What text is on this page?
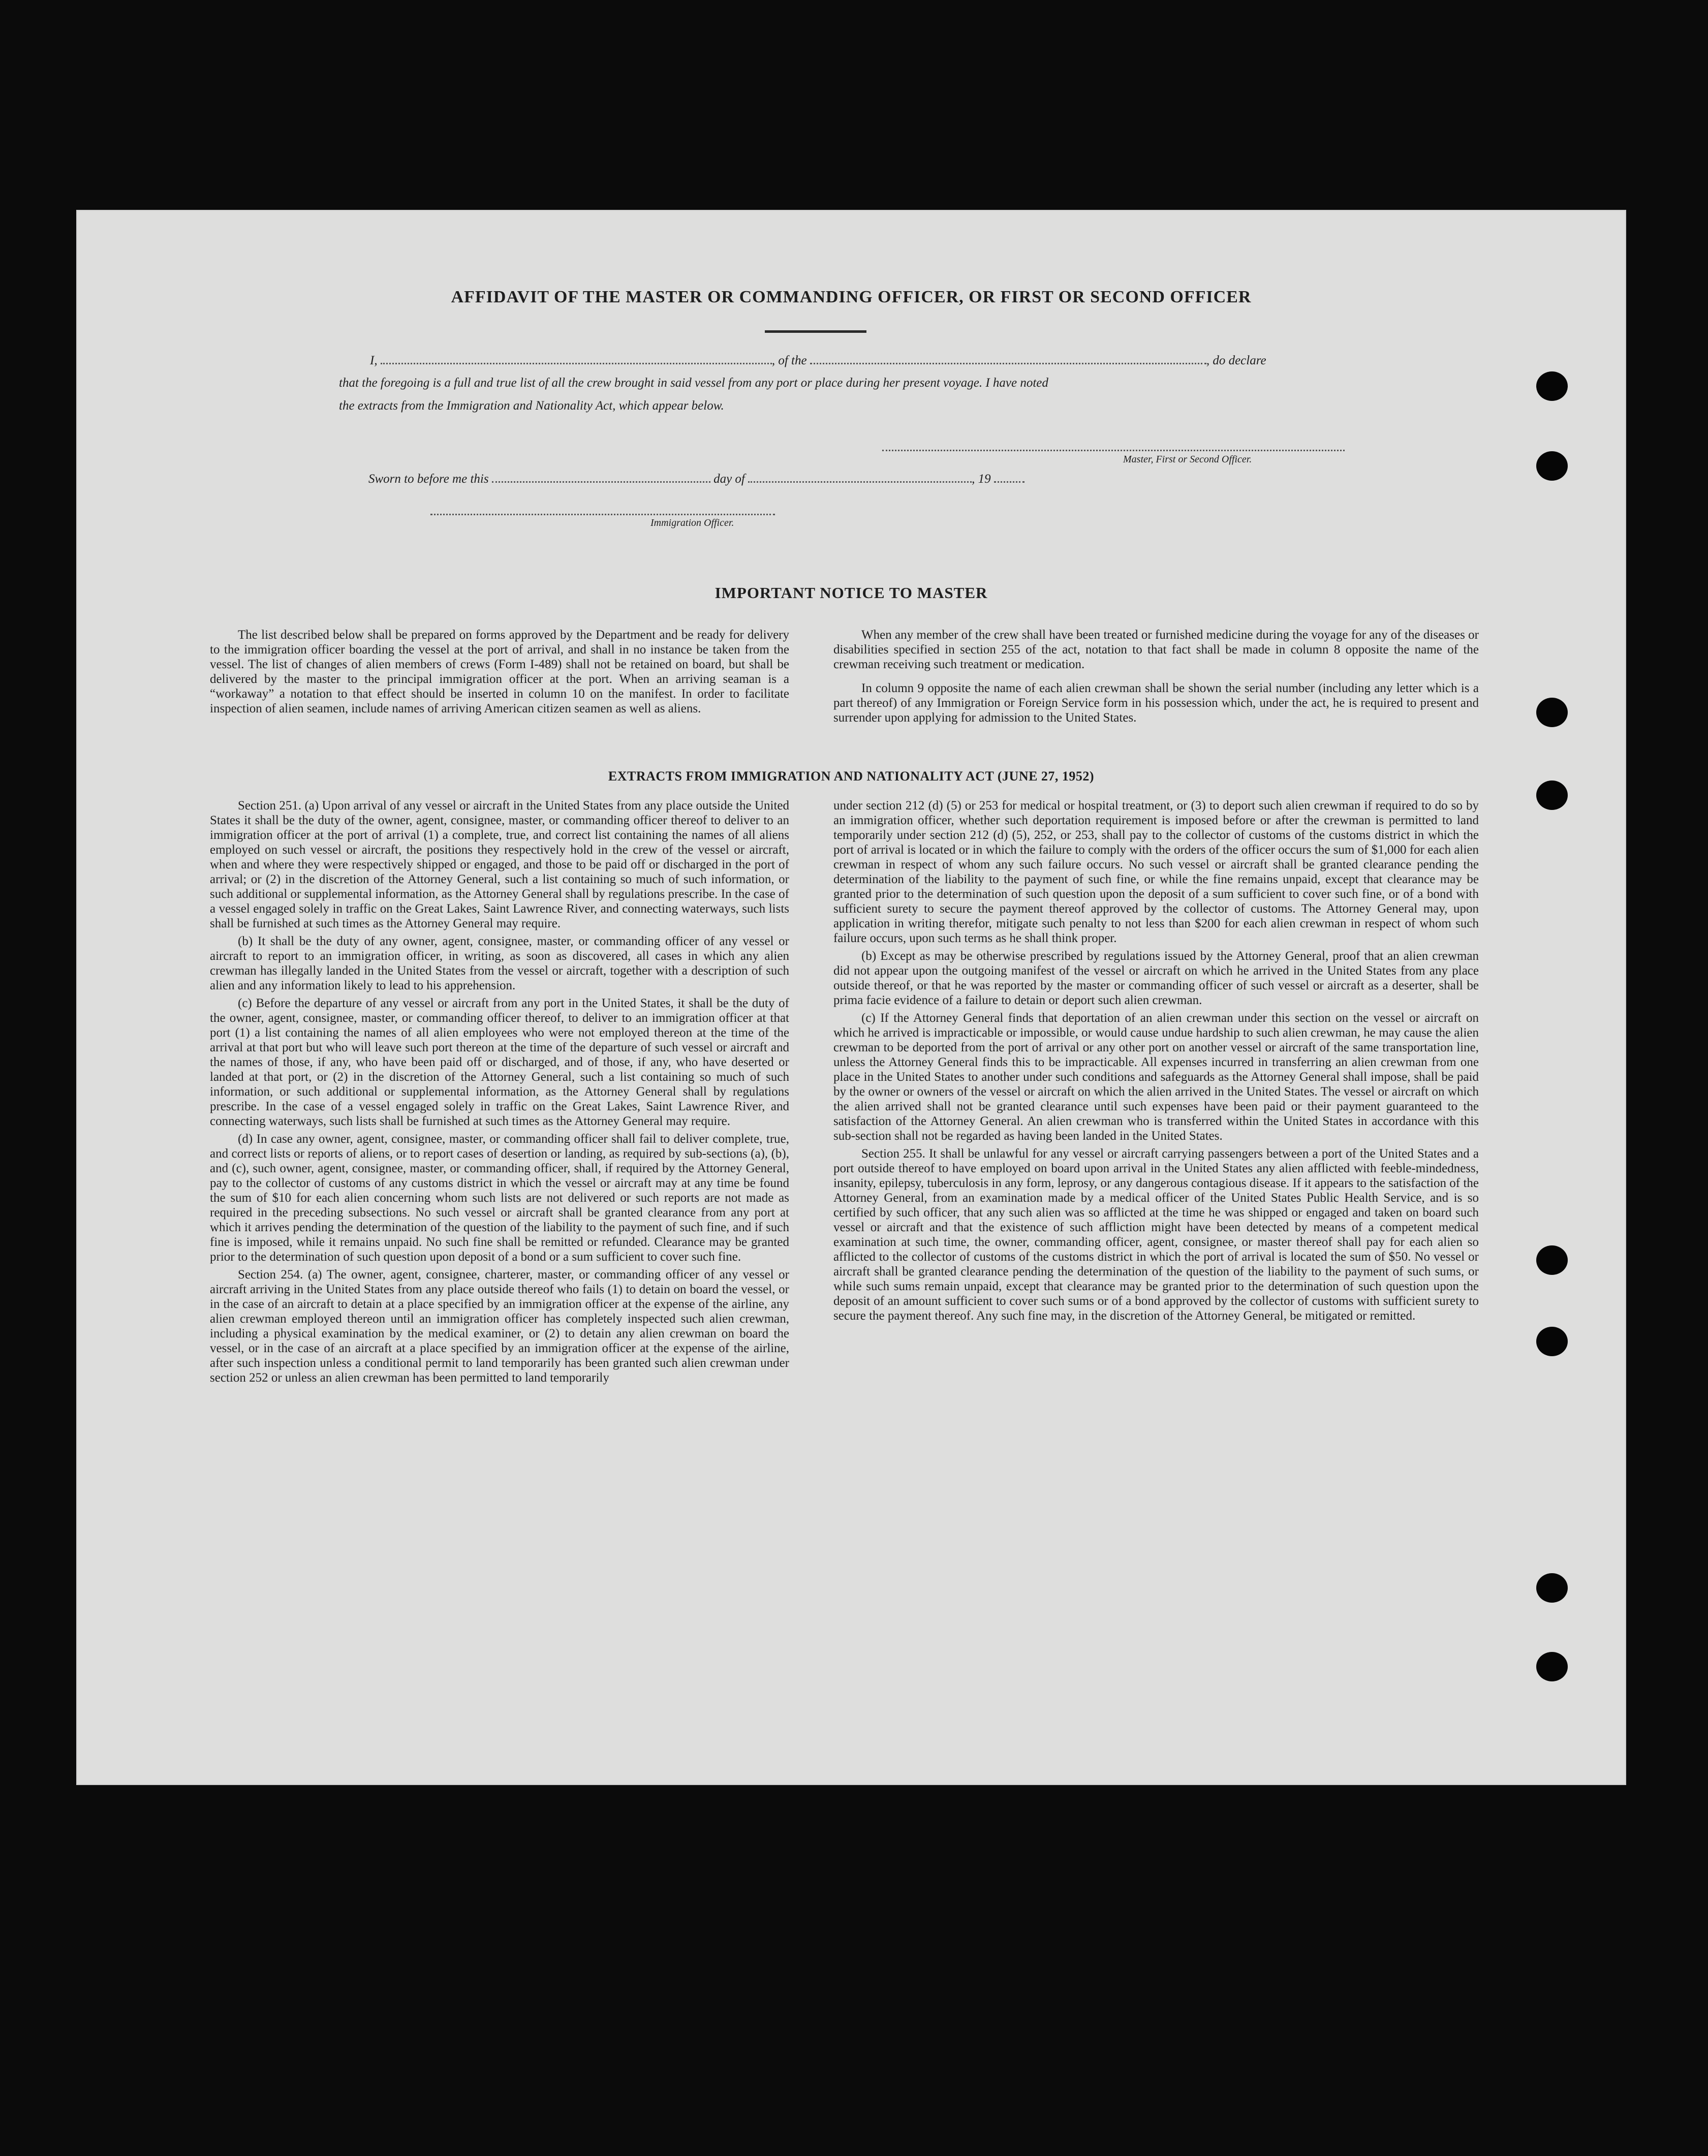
AFFIDAVIT OF THE MASTER OR COMMANDING OFFICER, OR FIRST OR SECOND OFFICER
I,	, of the	, do declare
that the foregoing is a full and true list of all the crew brought in said vessel from any port or place during her present voyage. I have noted
the extracts from the Immigration and Nationality Act, which appear below.
Master, First or Second Officer.
Sworn to before me this	day of	, 19
Immigration Officer.
IMPORTANT NOTICE TO MASTER

The list described below shall be prepared on forms approved by the Department and be ready for delivery to the immigration officer boarding the vessel at the port of arrival, and shall in no instance be taken from the vessel. The list of changes of alien members of crews (Form I-489) shall not be retained on board, but shall be delivered by the master to the principal immigration officer at the port. When an arriving seaman is a “workaway” a notation to that effect should be inserted in column 10 on the manifest. In order to facilitate inspection of alien seamen, include names of arriving American citizen seamen as well as aliens.

When any member of the crew shall have been treated or furnished medicine during the voyage for any of the diseases or disabilities specified in section 255 of the act, notation to that fact shall be made in column 8 opposite the name of the crewman receiving such treatment or medication.

In column 9 opposite the name of each alien crewman shall be shown the serial number (including any letter which is a part thereof) of any Immigration or Foreign Service form in his possession which, under the act, he is required to present and surrender upon applying for admission to the United States.

EXTRACTS FROM IMMIGRATION AND NATIONALITY ACT (JUNE 27, 1952)

Section 251. (a) Upon arrival of any vessel or aircraft in the United States from any place outside the United States it shall be the duty of the owner, agent, consignee, master, or commanding officer thereof to deliver to an immigration officer at the port of arrival (1) a complete, true, and correct list containing the names of all aliens employed on such vessel or aircraft, the positions they respectively hold in the crew of the vessel or aircraft, when and where they were respectively shipped or engaged, and those to be paid off or discharged in the port of arrival; or (2) in the discretion of the Attorney General, such a list containing so much of such information, or such additional or supplemental information, as the Attorney General shall by regulations prescribe. In the case of a vessel engaged solely in traffic on the Great Lakes, Saint Lawrence River, and connecting waterways, such lists shall be furnished at such times as the Attorney General may require.

(b) It shall be the duty of any owner, agent, consignee, master, or commanding officer of any vessel or aircraft to report to an immigration officer, in writing, as soon as discovered, all cases in which any alien crewman has illegally landed in the United States from the vessel or aircraft, together with a description of such alien and any information likely to lead to his apprehension.

(c) Before the departure of any vessel or aircraft from any port in the United States, it shall be the duty of the owner, agent, consignee, master, or commanding officer thereof, to deliver to an immigration officer at that port (1) a list containing the names of all alien employees who were not employed thereon at the time of the arrival at that port but who will leave such port thereon at the time of the departure of such vessel or aircraft and the names of those, if any, who have been paid off or discharged, and of those, if any, who have deserted or landed at that port, or (2) in the discretion of the Attorney General, such a list containing so much of such information, or such additional or supplemental information, as the Attorney General shall by regulations prescribe. In the case of a vessel engaged solely in traffic on the Great Lakes, Saint Lawrence River, and connecting waterways, such lists shall be furnished at such times as the Attorney General may require.

(d) In case any owner, agent, consignee, master, or commanding officer shall fail to deliver complete, true, and correct lists or reports of aliens, or to report cases of desertion or landing, as required by sub-sections (a), (b), and (c), such owner, agent, consignee, master, or commanding officer, shall, if required by the Attorney General, pay to the collector of customs of any customs district in which the vessel or aircraft may at any time be found the sum of $10 for each alien concerning whom such lists are not delivered or such reports are not made as required in the preceding subsections. No such vessel or aircraft shall be granted clearance from any port at which it arrives pending the determination of the question of the liability to the payment of such fine, and if such fine is imposed, while it remains unpaid. No such fine shall be remitted or refunded. Clearance may be granted prior to the determination of such question upon deposit of a bond or a sum sufficient to cover such fine.

Section 254. (a) The owner, agent, consignee, charterer, master, or commanding officer of any vessel or aircraft arriving in the United States from any place outside thereof who fails (1) to detain on board the vessel, or in the case of an aircraft to detain at a place specified by an immigration officer at the expense of the airline, any alien crewman employed thereon until an immigration officer has completely inspected such alien crewman, including a physical examination by the medical examiner, or (2) to detain any alien crewman on board the vessel, or in the case of an aircraft at a place specified by an immigration officer at the expense of the airline, after such inspection unless a conditional permit to land temporarily has been granted such alien crewman under section 252 or unless an alien crewman has been permitted to land temporarily

under section 212 (d) (5) or 253 for medical or hospital treatment, or (3) to deport such alien crewman if required to do so by an immigration officer, whether such deportation requirement is imposed before or after the crewman is permitted to land temporarily under section 212 (d) (5), 252, or 253, shall pay to the collector of customs of the customs district in which the port of arrival is located or in which the failure to comply with the orders of the officer occurs the sum of $1,000 for each alien crewman in respect of whom any such failure occurs. No such vessel or aircraft shall be granted clearance pending the determination of the liability to the payment of such fine, or while the fine remains unpaid, except that clearance may be granted prior to the determination of such question upon the deposit of a sum sufficient to cover such fine, or of a bond with sufficient surety to secure the payment thereof approved by the collector of customs. The Attorney General may, upon application in writing therefor, mitigate such penalty to not less than $200 for each alien crewman in respect of whom such failure occurs, upon such terms as he shall think proper.

(b) Except as may be otherwise prescribed by regulations issued by the Attorney General, proof that an alien crewman did not appear upon the outgoing manifest of the vessel or aircraft on which he arrived in the United States from any place outside thereof, or that he was reported by the master or commanding officer of such vessel or aircraft as a deserter, shall be prima facie evidence of a failure to detain or deport such alien crewman.

(c) If the Attorney General finds that deportation of an alien crewman under this section on the vessel or aircraft on which he arrived is impracticable or impossible, or would cause undue hardship to such alien crewman, he may cause the alien crewman to be deported from the port of arrival or any other port on another vessel or aircraft of the same transportation line, unless the Attorney General finds this to be impracticable. All expenses incurred in transferring an alien crewman from one place in the United States to another under such conditions and safeguards as the Attorney General shall impose, shall be paid by the owner or owners of the vessel or aircraft on which the alien arrived in the United States. The vessel or aircraft on which the alien arrived shall not be granted clearance until such expenses have been paid or their payment guaranteed to the satisfaction of the Attorney General. An alien crewman who is transferred within the United States in accordance with this sub-section shall not be regarded as having been landed in the United States.

Section 255. It shall be unlawful for any vessel or aircraft carrying passengers between a port of the United States and a port outside thereof to have employed on board upon arrival in the United States any alien afflicted with feeble-mindedness, insanity, epilepsy, tuberculosis in any form, leprosy, or any dangerous contagious disease. If it appears to the satisfaction of the Attorney General, from an examination made by a medical officer of the United States Public Health Service, and is so certified by such officer, that any such alien was so afflicted at the time he was shipped or engaged and taken on board such vessel or aircraft and that the existence of such affliction might have been detected by means of a competent medical examination at such time, the owner, commanding officer, agent, consignee, or master thereof shall pay for each alien so afflicted to the collector of customs of the customs district in which the port of arrival is located the sum of $50. No vessel or aircraft shall be granted clearance pending the determination of the question of the liability to the payment of such sums, or while such sums remain unpaid, except that clearance may be granted prior to the determination of such question upon the deposit of an amount sufficient to cover such sums or of a bond approved by the collector of customs with sufficient surety to secure the payment thereof. Any such fine may, in the discretion of the Attorney General, be mitigated or remitted.
